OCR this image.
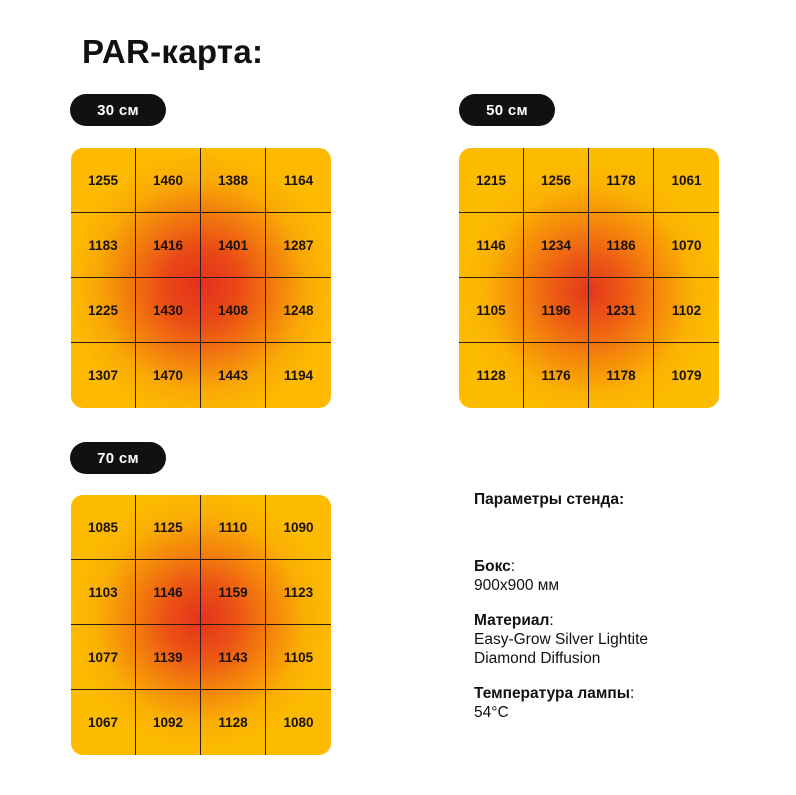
PAR-карта:
30 см
1255	1460	1388	1164
1183	1416	1401	1287
1225	1430	1408	1248
1307	1470	1443	1194
50 см
1215	1256	1178	1061
1146	1234	1186	1070
1105	1196	1231	1102
1128	1176	1178	1079
70 см
1085	1125	1110	1090
1103	1146	1159	1123
1077	1139	1143	1105
1067	1092	1128	1080

Параметры стенда:

Бокс:
900х900 мм

Материал:
Easy-Grow Silver Lightite
Diamond Diffusion

Температура лампы:
54°C
